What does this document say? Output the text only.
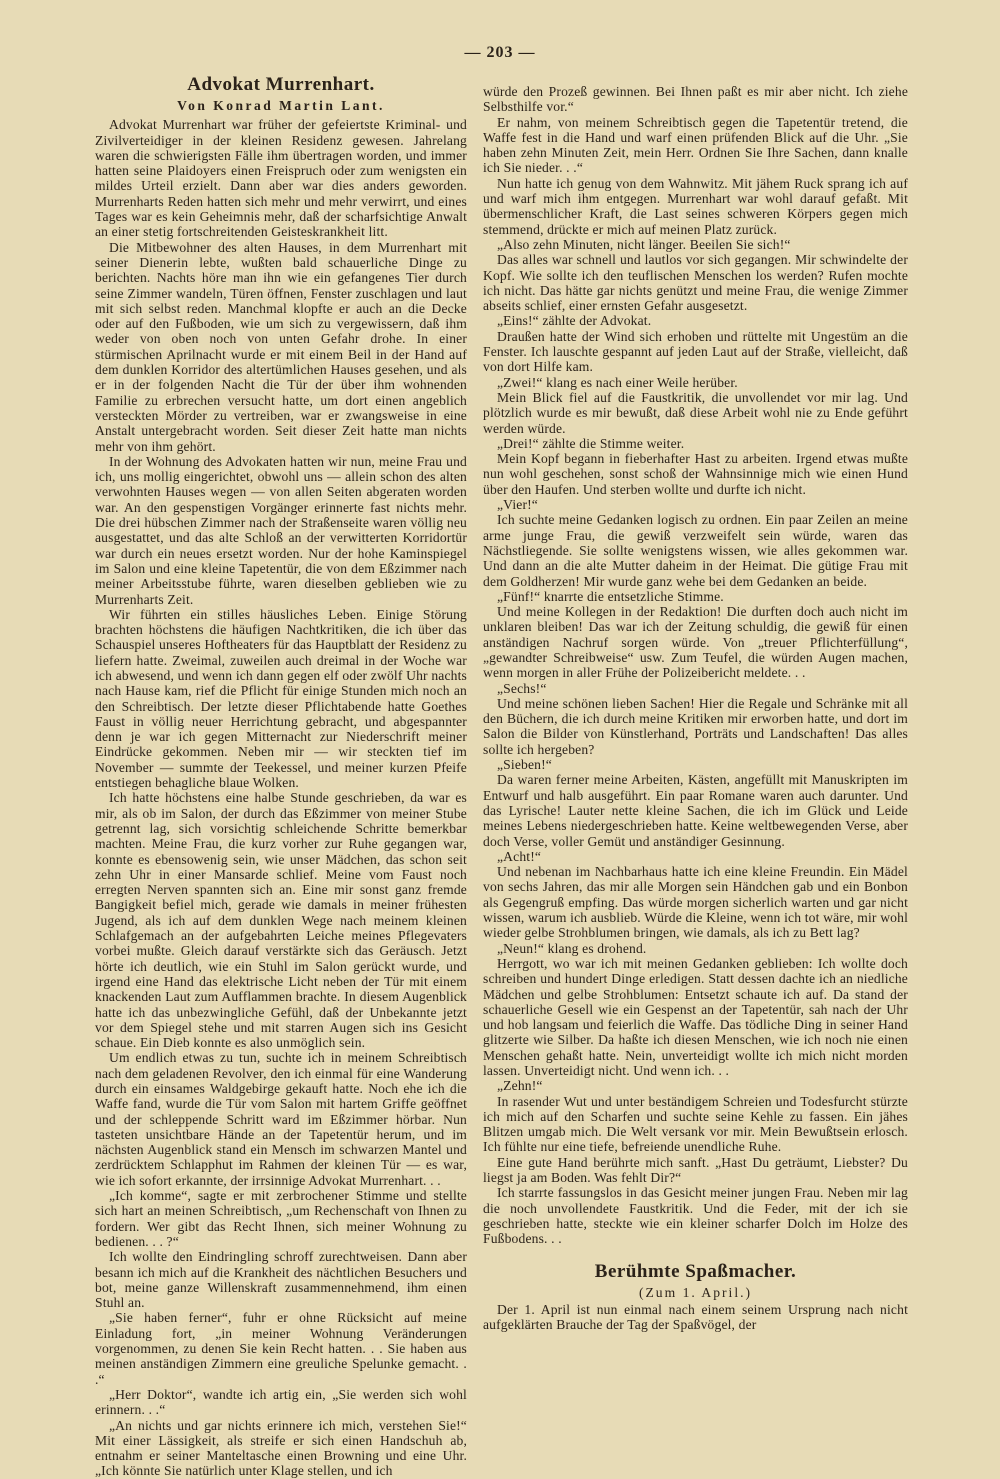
— 203 —
Advokat Murrenhart.
Von Konrad Martin Lant.

Advokat Murrenhart war früher der gefeiertste Kriminal- und Zivilverteidiger in der kleinen Residenz gewesen. Jahrelang waren die schwierigsten Fälle ihm übertragen worden, und immer hatten seine Plaidoyers einen Freispruch oder zum wenigsten ein mildes Urteil erzielt. Dann aber war dies anders geworden. Murrenharts Reden hatten sich mehr und mehr verwirrt, und eines Tages war es kein Geheimnis mehr, daß der scharfsichtige Anwalt an einer stetig fortschreitenden Geisteskrankheit litt.

Die Mitbewohner des alten Hauses, in dem Murrenhart mit seiner Dienerin lebte, wußten bald schauerliche Dinge zu berichten. Nachts höre man ihn wie ein gefangenes Tier durch seine Zimmer wandeln, Türen öffnen, Fenster zuschlagen und laut mit sich selbst reden. Manchmal klopfte er auch an die Decke oder auf den Fußboden, wie um sich zu vergewissern, daß ihm weder von oben noch von unten Gefahr drohe. In einer stürmischen Aprilnacht wurde er mit einem Beil in der Hand auf dem dunklen Korridor des altertümlichen Hauses gesehen, und als er in der folgenden Nacht die Tür der über ihm wohnenden Familie zu erbrechen versucht hatte, um dort einen angeblich versteckten Mörder zu vertreiben, war er zwangsweise in eine Anstalt untergebracht worden. Seit dieser Zeit hatte man nichts mehr von ihm gehört.

In der Wohnung des Advokaten hatten wir nun, meine Frau und ich, uns mollig eingerichtet, obwohl uns — allein schon des alten verwohnten Hauses wegen — von allen Seiten abgeraten worden war. An den gespenstigen Vorgänger erinnerte fast nichts mehr. Die drei hübschen Zimmer nach der Straßenseite waren völlig neu ausgestattet, und das alte Schloß an der verwitterten Korridortür war durch ein neues ersetzt worden. Nur der hohe Kaminspiegel im Salon und eine kleine Tapetentür, die von dem Eßzimmer nach meiner Arbeitsstube führte, waren dieselben geblieben wie zu Murrenharts Zeit.

Wir führten ein stilles häusliches Leben. Einige Störung brachten höchstens die häufigen Nachtkritiken, die ich über das Schauspiel unseres Hoftheaters für das Hauptblatt der Residenz zu liefern hatte. Zweimal, zuweilen auch dreimal in der Woche war ich abwesend, und wenn ich dann gegen elf oder zwölf Uhr nachts nach Hause kam, rief die Pflicht für einige Stunden mich noch an den Schreibtisch. Der letzte dieser Pflichtabende hatte Goethes Faust in völlig neuer Herrichtung gebracht, und abgespannter denn je war ich gegen Mitternacht zur Niederschrift meiner Eindrücke gekommen. Neben mir — wir steckten tief im November — summte der Teekessel, und meiner kurzen Pfeife entstiegen behagliche blaue Wolken.

Ich hatte höchstens eine halbe Stunde geschrieben, da war es mir, als ob im Salon, der durch das Eßzimmer von meiner Stube getrennt lag, sich vorsichtig schleichende Schritte bemerkbar machten. Meine Frau, die kurz vorher zur Ruhe gegangen war, konnte es ebensowenig sein, wie unser Mädchen, das schon seit zehn Uhr in einer Mansarde schlief. Meine vom Faust noch erregten Nerven spannten sich an. Eine mir sonst ganz fremde Bangigkeit befiel mich, gerade wie damals in meiner frühesten Jugend, als ich auf dem dunklen Wege nach meinem kleinen Schlafgemach an der aufgebahrten Leiche meines Pflegevaters vorbei mußte. Gleich darauf verstärkte sich das Geräusch. Jetzt hörte ich deutlich, wie ein Stuhl im Salon gerückt wurde, und irgend eine Hand das elektrische Licht neben der Tür mit einem knackenden Laut zum Aufflammen brachte. In diesem Augenblick hatte ich das unbezwingliche Gefühl, daß der Unbekannte jetzt vor dem Spiegel stehe und mit starren Augen sich ins Gesicht schaue. Ein Dieb konnte es also unmöglich sein.

Um endlich etwas zu tun, suchte ich in meinem Schreibtisch nach dem geladenen Revolver, den ich einmal für eine Wanderung durch ein einsames Waldgebirge gekauft hatte. Noch ehe ich die Waffe fand, wurde die Tür vom Salon mit hartem Griffe geöffnet und der schleppende Schritt ward im Eßzimmer hörbar. Nun tasteten unsichtbare Hände an der Tapetentür herum, und im nächsten Augenblick stand ein Mensch im schwarzen Mantel und zerdrücktem Schlapphut im Rahmen der kleinen Tür — es war, wie ich sofort erkannte, der irrsinnige Advokat Murrenhart. . .

„Ich komme“, sagte er mit zerbrochener Stimme und stellte sich hart an meinen Schreibtisch, „um Rechenschaft von Ihnen zu fordern. Wer gibt das Recht Ihnen, sich meiner Wohnung zu bedienen. . . ?“

Ich wollte den Eindringling schroff zurechtweisen. Dann aber besann ich mich auf die Krankheit des nächtlichen Besuchers und bot, meine ganze Willenskraft zusammennehmend, ihm einen Stuhl an.

„Sie haben ferner“, fuhr er ohne Rücksicht auf meine Einladung fort, „in meiner Wohnung Veränderungen vorgenommen, zu denen Sie kein Recht hatten. . . Sie haben aus meinen anständigen Zimmern eine greuliche Spelunke gemacht. . .“

„Herr Doktor“, wandte ich artig ein, „Sie werden sich wohl erinnern. . .“

„An nichts und gar nichts erinnere ich mich, verstehen Sie!“ Mit einer Lässigkeit, als streife er sich einen Handschuh ab, entnahm er seiner Manteltasche einen Browning und eine Uhr. „Ich könnte Sie natürlich unter Klage stellen, und ich

würde den Prozeß gewinnen. Bei Ihnen paßt es mir aber nicht. Ich ziehe Selbsthilfe vor.“

Er nahm, von meinem Schreibtisch gegen die Tapetentür tretend, die Waffe fest in die Hand und warf einen prüfenden Blick auf die Uhr. „Sie haben zehn Minuten Zeit, mein Herr. Ordnen Sie Ihre Sachen, dann knalle ich Sie nieder. . .“

Nun hatte ich genug von dem Wahnwitz. Mit jähem Ruck sprang ich auf und warf mich ihm entgegen. Murrenhart war wohl darauf gefaßt. Mit übermenschlicher Kraft, die Last seines schweren Körpers gegen mich stemmend, drückte er mich auf meinen Platz zurück.

„Also zehn Minuten, nicht länger. Beeilen Sie sich!“

Das alles war schnell und lautlos vor sich gegangen. Mir schwindelte der Kopf. Wie sollte ich den teuflischen Menschen los werden? Rufen mochte ich nicht. Das hätte gar nichts genützt und meine Frau, die wenige Zimmer abseits schlief, einer ernsten Gefahr ausgesetzt.

„Eins!“ zählte der Advokat.

Draußen hatte der Wind sich erhoben und rüttelte mit Ungestüm an die Fenster. Ich lauschte gespannt auf jeden Laut auf der Straße, vielleicht, daß von dort Hilfe kam.

„Zwei!“ klang es nach einer Weile herüber.

Mein Blick fiel auf die Faustkritik, die unvollendet vor mir lag. Und plötzlich wurde es mir bewußt, daß diese Arbeit wohl nie zu Ende geführt werden würde.

„Drei!“ zählte die Stimme weiter.

Mein Kopf begann in fieberhafter Hast zu arbeiten. Irgend etwas mußte nun wohl geschehen, sonst schoß der Wahnsinnige mich wie einen Hund über den Haufen. Und sterben wollte und durfte ich nicht.

„Vier!“

Ich suchte meine Gedanken logisch zu ordnen. Ein paar Zeilen an meine arme junge Frau, die gewiß verzweifelt sein würde, waren das Nächstliegende. Sie sollte wenigstens wissen, wie alles gekommen war. Und dann an die alte Mutter daheim in der Heimat. Die gütige Frau mit dem Goldherzen! Mir wurde ganz wehe bei dem Gedanken an beide.

„Fünf!“ knarrte die entsetzliche Stimme.

Und meine Kollegen in der Redaktion! Die durften doch auch nicht im unklaren bleiben! Das war ich der Zeitung schuldig, die gewiß für einen anständigen Nachruf sorgen würde. Von „treuer Pflichterfüllung“, „gewandter Schreibweise“ usw. Zum Teufel, die würden Augen machen, wenn morgen in aller Frühe der Polizeibericht meldete. . .

„Sechs!“

Und meine schönen lieben Sachen! Hier die Regale und Schränke mit all den Büchern, die ich durch meine Kritiken mir erworben hatte, und dort im Salon die Bilder von Künstlerhand, Porträts und Landschaften! Das alles sollte ich hergeben?

„Sieben!“

Da waren ferner meine Arbeiten, Kästen, angefüllt mit Manuskripten im Entwurf und halb ausgeführt. Ein paar Romane waren auch darunter. Und das Lyrische! Lauter nette kleine Sachen, die ich im Glück und Leide meines Lebens niedergeschrieben hatte. Keine weltbewegenden Verse, aber doch Verse, voller Gemüt und anständiger Gesinnung.

„Acht!“

Und nebenan im Nachbarhaus hatte ich eine kleine Freundin. Ein Mädel von sechs Jahren, das mir alle Morgen sein Händchen gab und ein Bonbon als Gegengruß empfing. Das würde morgen sicherlich warten und gar nicht wissen, warum ich ausblieb. Würde die Kleine, wenn ich tot wäre, mir wohl wieder gelbe Strohblumen bringen, wie damals, als ich zu Bett lag?

„Neun!“ klang es drohend.

Herrgott, wo war ich mit meinen Gedanken geblieben: Ich wollte doch schreiben und hundert Dinge erledigen. Statt dessen dachte ich an niedliche Mädchen und gelbe Strohblumen: Entsetzt schaute ich auf. Da stand der schauerliche Gesell wie ein Gespenst an der Tapetentür, sah nach der Uhr und hob langsam und feierlich die Waffe. Das tödliche Ding in seiner Hand glitzerte wie Silber. Da haßte ich diesen Menschen, wie ich noch nie einen Menschen gehaßt hatte. Nein, unverteidigt wollte ich mich nicht morden lassen. Unverteidigt nicht. Und wenn ich. . .

„Zehn!“

In rasender Wut und unter beständigem Schreien und Todesfurcht stürzte ich mich auf den Scharfen und suchte seine Kehle zu fassen. Ein jähes Blitzen umgab mich. Die Welt versank vor mir. Mein Bewußtsein erlosch. Ich fühlte nur eine tiefe, befreiende unendliche Ruhe.

Eine gute Hand berührte mich sanft. „Hast Du geträumt, Liebster? Du liegst ja am Boden. Was fehlt Dir?“

Ich starrte fassungslos in das Gesicht meiner jungen Frau. Neben mir lag die noch unvollendete Faustkritik. Und die Feder, mit der ich sie geschrieben hatte, steckte wie ein kleiner scharfer Dolch im Holze des Fußbodens. . .

Berühmte Spaßmacher.
(Zum 1. April.)

Der 1. April ist nun einmal nach einem seinem Ursprung nach nicht aufgeklärten Brauche der Tag der Spaßvögel, der
